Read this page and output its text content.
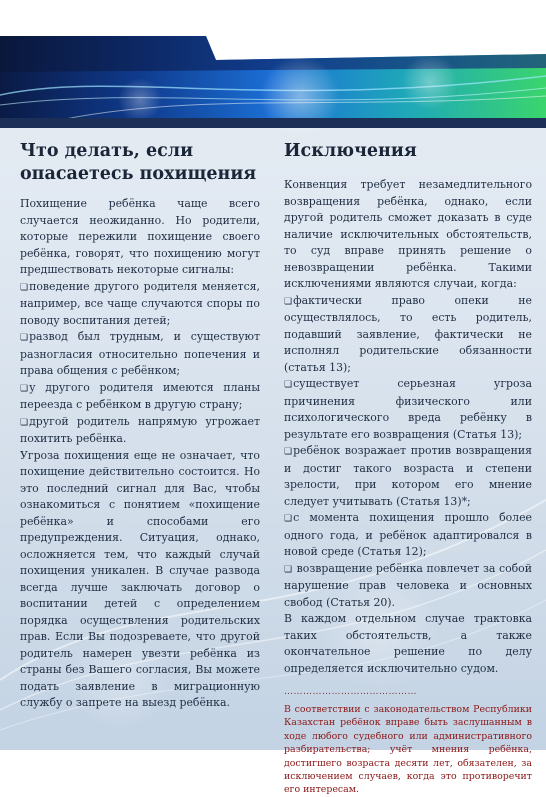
Что делать, если опасаетесь похищения

Похищение ребёнка чаще всего случается неожиданно. Но родители, которые пережили похищение своего ребёнка, говорят, что похищению могут предшествовать некоторые сигналы:

❏ поведение другого родителя меняется, например, все чаще случаются споры по поводу воспитания детей;

❏ развод был трудным, и существуют разногласия относительно попечения и права общения с ребёнком;

❏ у другого родителя имеются планы переезда с ребёнком в другую страну;

❏ другой родитель напрямую угрожает похитить ребёнка.

Угроза похищения еще не означает, что похищение действительно состоится. Но это последний сигнал для Вас, чтобы ознакомиться с понятием «похищение ребёнка» и способами его предупреждения. Ситуация, однако, осложняется тем, что каждый случай похищения уникален. В случае развода всегда лучше заключать договор о воспитании детей с определением порядка осуществления родительских прав. Если Вы подозреваете, что другой родитель намерен увезти ребёнка из страны без Вашего согласия, Вы можете подать заявление в миграционную службу о запрете на выезд ребёнка.

Исключения

Конвенция требует незамедлительного возвращения ребёнка, однако, если другой родитель сможет доказать в суде наличие исключительных обстоятельств, то суд вправе принять решение о невозвращении ребёнка. Такими исключениями являются случаи, когда:

❏ фактически право опеки не осуществлялось, то есть родитель, подавший заявление, фактически не исполнял родительские обязанности (статья 13);

❏ существует серьезная угроза причинения физического или психологического вреда ребёнку в результате его возвращения (Статья 13);

❏ ребёнок возражает против возвращения и достиг такого возраста и степени зрелости, при котором его мнение следует учитывать (Статья 13)*;

❏ с момента похищения прошло более одного года, и ребёнок адаптировался в новой среде (Статья 12);

❏ возвращение ребёнка повлечет за собой нарушение прав человека и основных свобод (Статья 20).

В каждом отдельном случае трактовка таких обстоятельств, а также окончательное решение по делу определяется исключительно судом.

……………………………………
В соответствии с законодательством Республики Казахстан ребёнок вправе быть заслушанным в ходе любого судебного или административного разбирательства; учёт мнения ребёнка, достигшего возраста десяти лет, обязателен, за исключением случаев, когда это противоречит его интересам.
